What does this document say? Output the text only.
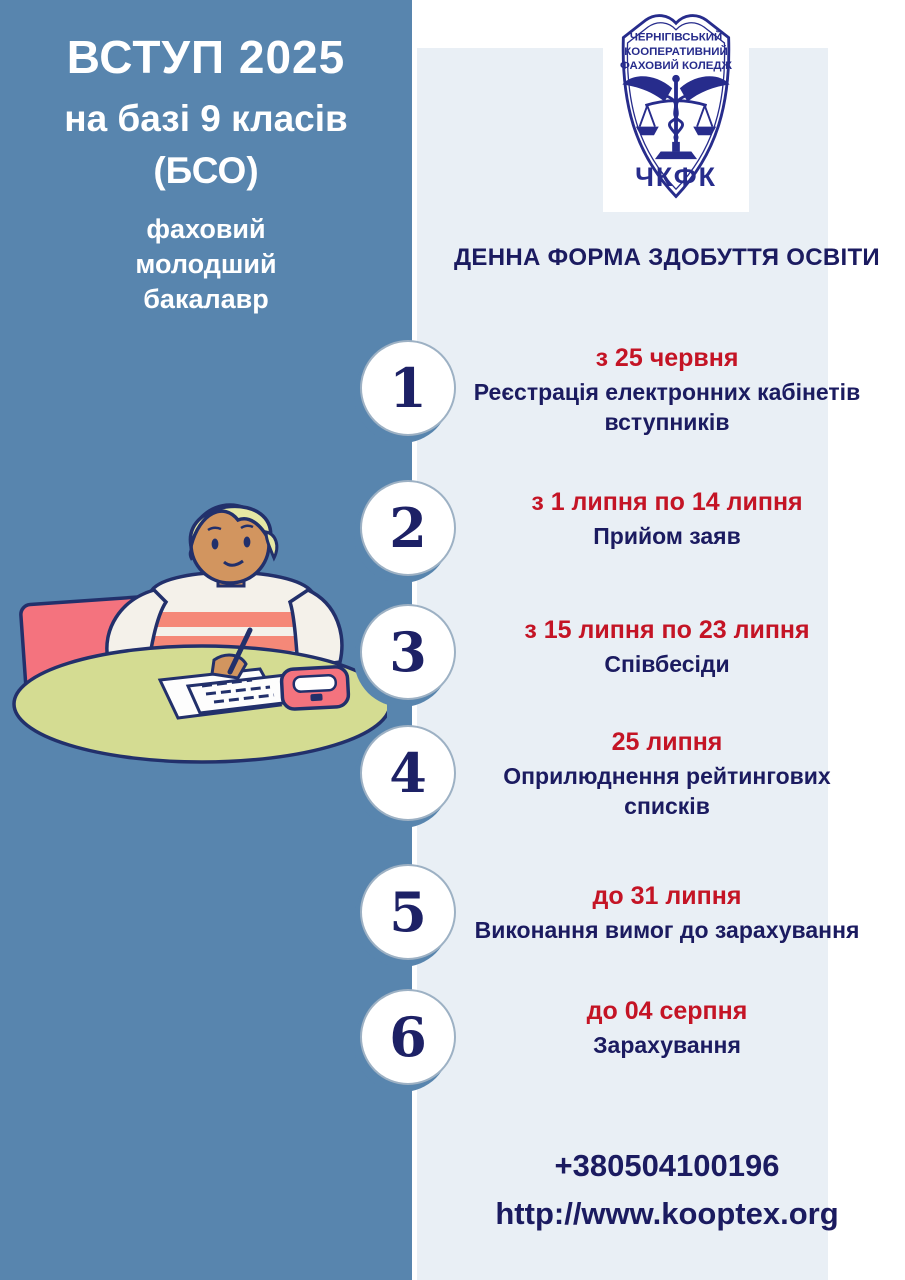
ВСТУП 2025
на базі 9 класів
(БСО)
фаховий молодший бакалавр
ЧЕРНІГІВСЬКИЙ
КООПЕРАТИВНИЙ
ФАХОВИЙ КОЛЕДЖ
ЧКФК
ДЕННА ФОРМА ЗДОБУТТЯ ОСВІТИ
1
2
3
4
5
6
з 25 червня
Реєстрація електронних кабінетів вступників
з 1 липня по 14 липня
Прийом заяв
з 15 липня по 23 липня
Співбесіди
25 липня
Оприлюднення рейтингових списків
до 31 липня
Виконання вимог до зарахування
до 04 серпня
Зарахування
+380504100196
http://www.kooptex.org
